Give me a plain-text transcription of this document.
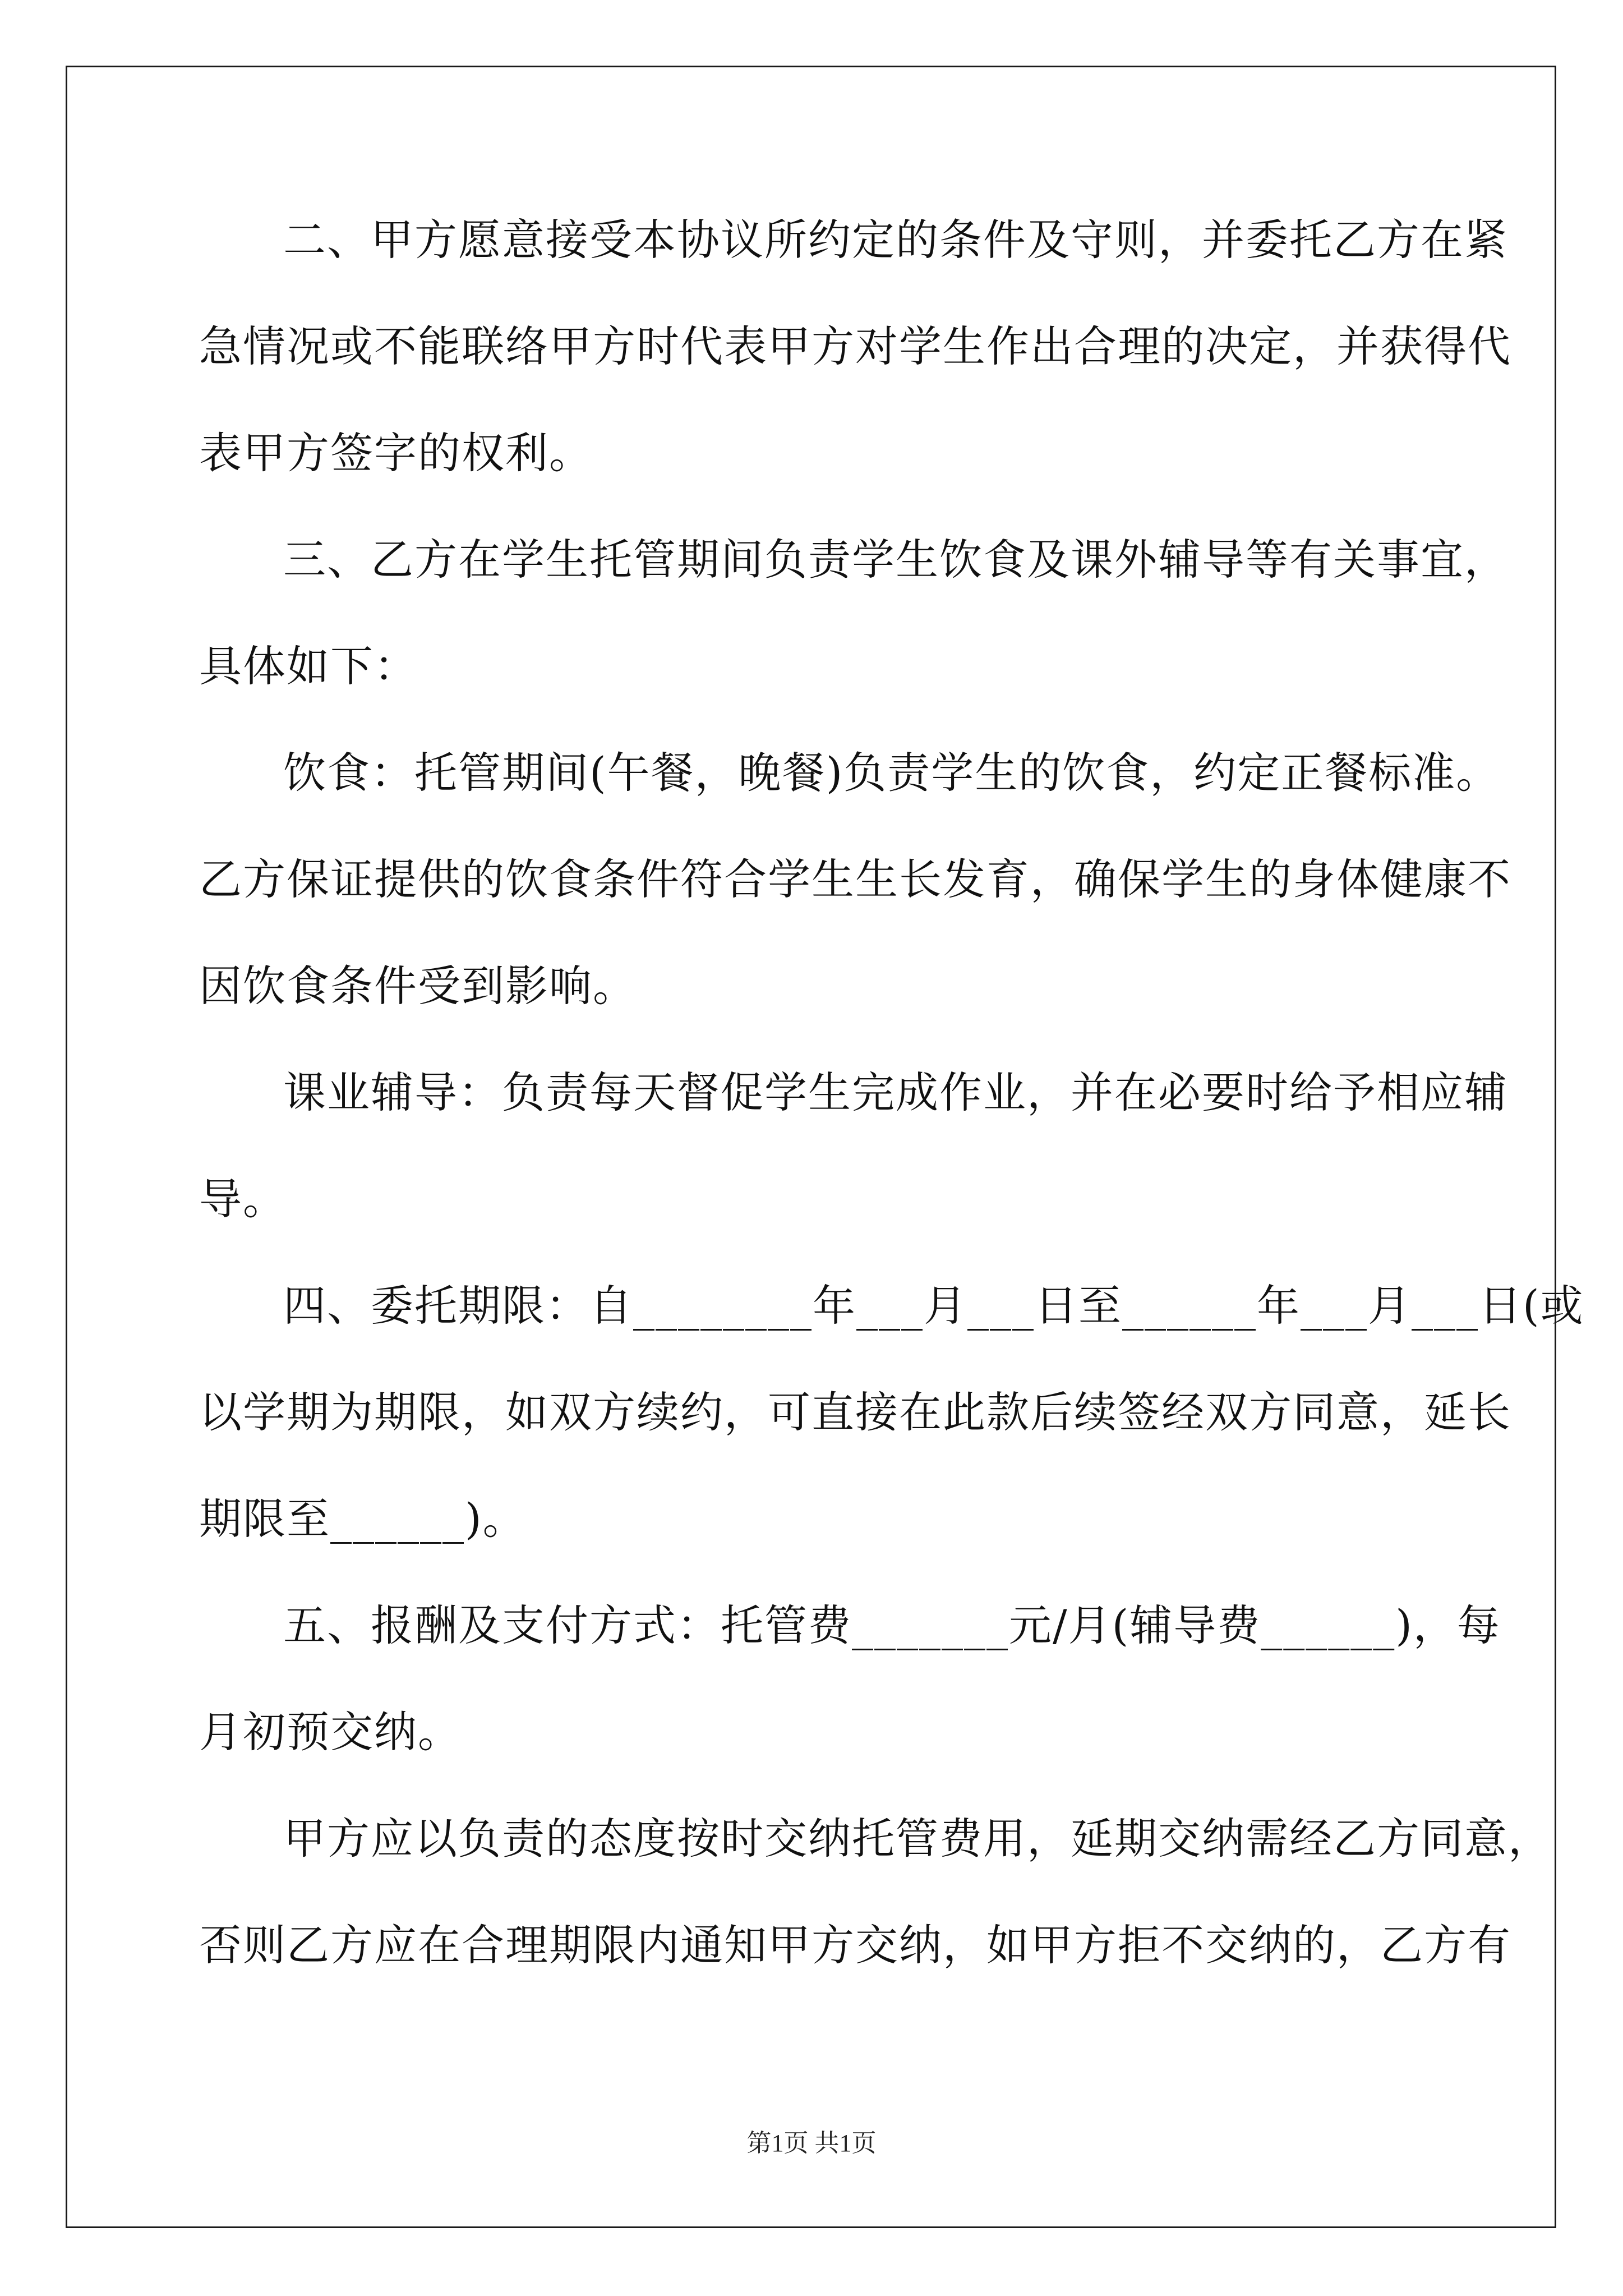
二、甲方愿意接受本协议所约定的条件及守则，并委托乙方在紧
急情况或不能联络甲方时代表甲方对学生作出合理的决定，并获得代
表甲方签字的权利。
三、乙方在学生托管期间负责学生饮食及课外辅导等有关事宜，
具体如下：
饮食：托管期间(午餐，晚餐)负责学生的饮食，约定正餐标准。
乙方保证提供的饮食条件符合学生生长发育，确保学生的身体健康不
因饮食条件受到影响。
课业辅导：负责每天督促学生完成作业，并在必要时给予相应辅
导。
四、委托期限：自________年___月___日至______年___月___日(或
以学期为期限，如双方续约，可直接在此款后续签经双方同意，延长
期限至______)。
五、报酬及支付方式：托管费_______元/月(辅导费______)，每
月初预交纳。
甲方应以负责的态度按时交纳托管费用，延期交纳需经乙方同意，
否则乙方应在合理期限内通知甲方交纳，如甲方拒不交纳的，乙方有
第1页 共1页
